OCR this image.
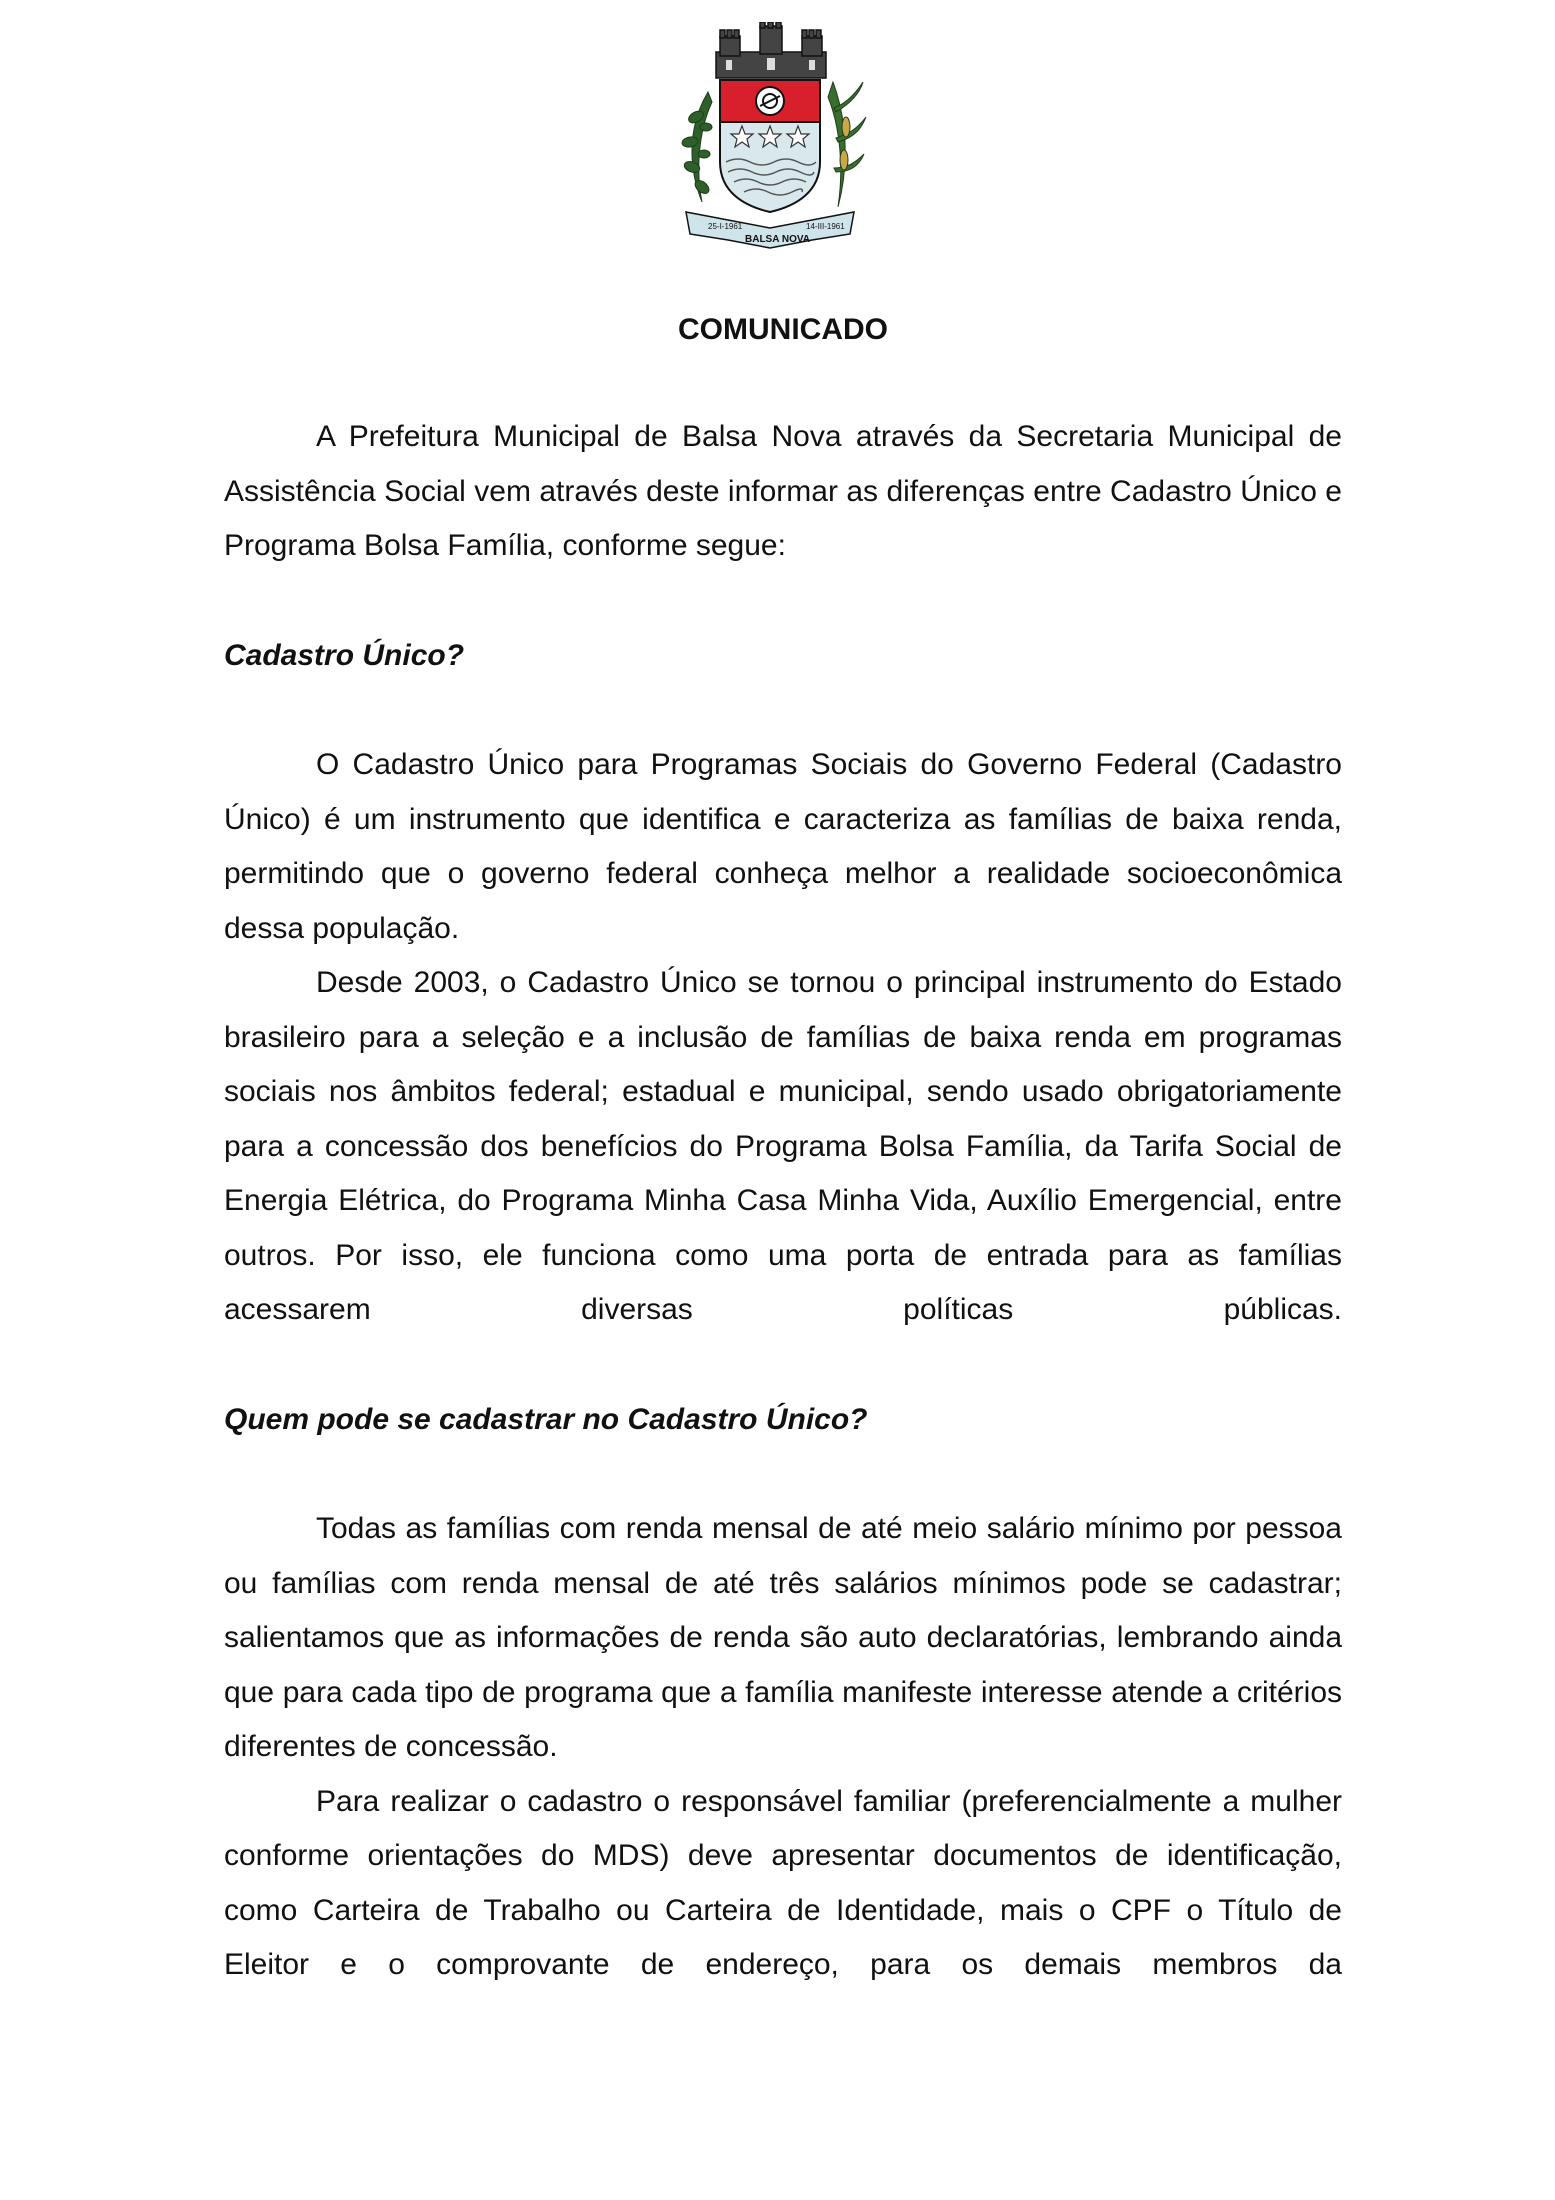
25-I-1961	14-III-1961
BALSA NOVA
COMUNICADO

A Prefeitura Municipal de Balsa Nova através da Secretaria Municipal de Assistência Social vem através deste informar as diferenças entre Cadastro Único e Programa Bolsa Família, conforme segue:

Cadastro Único?

O Cadastro Único para Programas Sociais do Governo Federal (Cadastro Único) é um instrumento que identifica e caracteriza as famílias de baixa renda, permitindo que o governo federal conheça melhor a realidade socioeconômica dessa população.

Desde 2003, o Cadastro Único se tornou o principal instrumento do Estado brasileiro para a seleção e a inclusão de famílias de baixa renda em programas sociais nos âmbitos federal; estadual e municipal, sendo usado obrigatoriamente para a concessão dos benefícios do Programa Bolsa Família, da Tarifa Social de Energia Elétrica, do Programa Minha Casa Minha Vida, Auxílio Emergencial, entre outros. Por isso, ele funciona como uma porta de entrada para as famílias acessarem diversas políticas públicas.

Quem pode se cadastrar no Cadastro Único?

Todas as famílias com renda mensal de até meio salário mínimo por pessoa ou famílias com renda mensal de até três salários mínimos pode se cadastrar; salientamos que as informações de renda são auto declaratórias, lembrando ainda que para cada tipo de programa que a família manifeste interesse atende a critérios diferentes de concessão.

Para realizar o cadastro o responsável familiar (preferencialmente a mulher conforme orientações do MDS) deve apresentar documentos de identificação, como Carteira de Trabalho ou Carteira de Identidade, mais o CPF o Título de Eleitor e o comprovante de endereço, para os demais membros da
